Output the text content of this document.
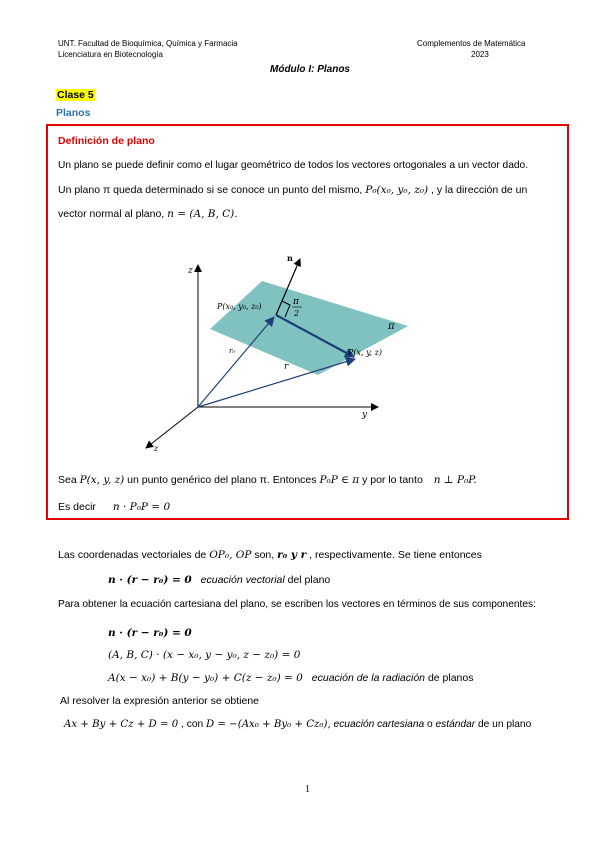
UNT. Facultad de Bioquímica, Química y Farmacia
Licenciatura en Biotecnología
Complementos de Matemática
2023
Módulo I: Planos
Clase 5
Planos
Definición de plano
Un plano se puede definir como el lugar geométrico de todos los vectores ortogonales a un vector dado.
Un plano π queda determinado si se conoce un punto del mismo, P₀(x₀, y₀, z₀) , y la dirección de un
vector normal al plano, n = (A, B, C).
z
y
z
n
P(x₀, y₀, z₀)
P(x, y, z)
π
2
π
r₀
r
Sea P(x, y, z) un punto genérico del plano π. Entonces P₀P ∈ π y por lo tanto n ⊥ P₀P.
Es decir n · P₀P = 0
Las coordenadas vectoriales de OP₀, OP son, r₀ y r , respectivamente. Se tiene entonces
n · (r − r₀) = 0 ecuación vectorial del plano
Para obtener la ecuación cartesiana del plano, se escriben los vectores en términos de sus componentes:
n · (r − r₀) = 0
(A, B, C) · (x − x₀, y − y₀, z − z₀) = 0
A(x − x₀) + B(y − y₀) + C(z − z₀) = 0 ecuación de la radiación de planos
Al resolver la expresión anterior se obtiene
Ax + By + Cz + D = 0 , con D = −(Ax₀ + By₀ + Cz₀), ecuación cartesiana o estándar de un plano
1
